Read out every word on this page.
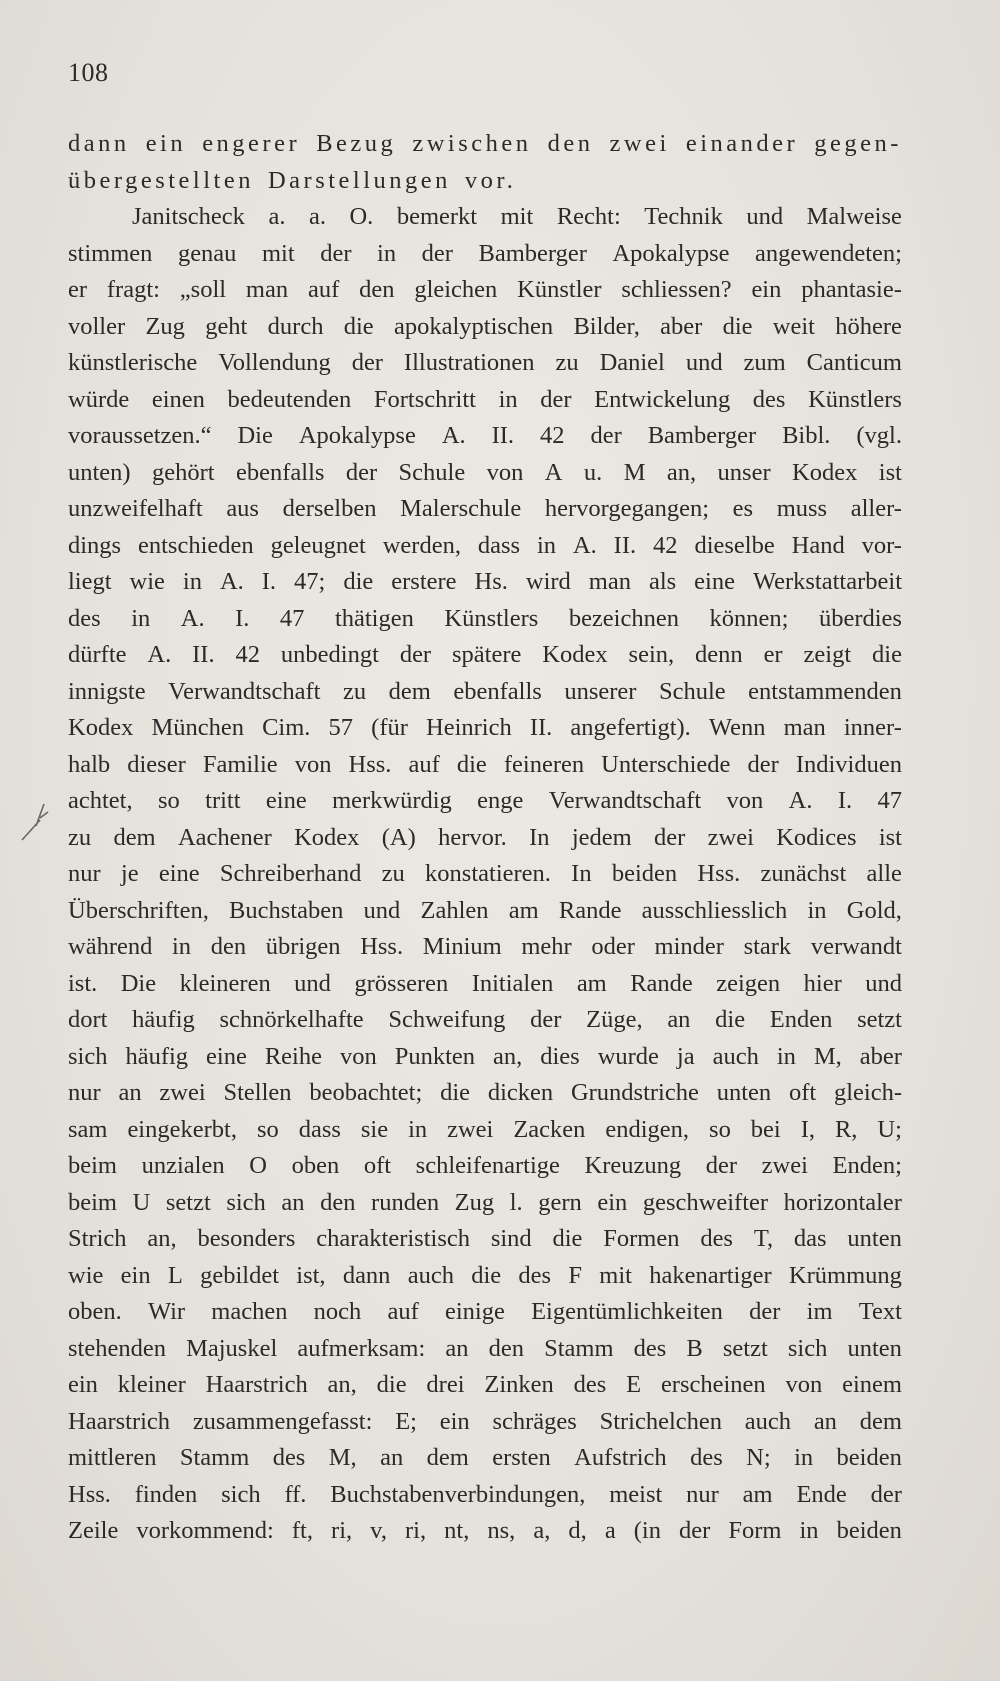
108
dann ein engerer Bezug zwischen den zwei einander gegen-
übergestellten Darstellungen vor.
Janitscheck a. a. O. bemerkt mit Recht: Technik und Malweise
stimmen genau mit der in der Bamberger Apokalypse angewendeten;
er fragt: „soll man auf den gleichen Künstler schliessen? ein phantasie-
voller Zug geht durch die apokalyptischen Bilder, aber die weit höhere
künstlerische Vollendung der Illustrationen zu Daniel und zum Canticum
würde einen bedeutenden Fortschritt in der Entwickelung des Künstlers
voraussetzen.“ Die Apokalypse A. II. 42 der Bamberger Bibl. (vgl.
unten) gehört ebenfalls der Schule von A u. M an, unser Kodex ist
unzweifelhaft aus derselben Malerschule hervorgegangen; es muss aller-
dings entschieden geleugnet werden, dass in A. II. 42 dieselbe Hand vor-
liegt wie in A. I. 47; die erstere Hs. wird man als eine Werkstattarbeit
des in A. I. 47 thätigen Künstlers bezeichnen können; überdies
dürfte A. II. 42 unbedingt der spätere Kodex sein, denn er zeigt die
innigste Verwandtschaft zu dem ebenfalls unserer Schule entstammenden
Kodex München Cim. 57 (für Heinrich II. angefertigt). Wenn man inner-
halb dieser Familie von Hss. auf die feineren Unterschiede der Individuen
achtet, so tritt eine merkwürdig enge Verwandtschaft von A. I. 47
zu dem Aachener Kodex (A) hervor. In jedem der zwei Kodices ist
nur je eine Schreiberhand zu konstatieren. In beiden Hss. zunächst alle
Überschriften, Buchstaben und Zahlen am Rande ausschliesslich in Gold,
während in den übrigen Hss. Minium mehr oder minder stark verwandt
ist. Die kleineren und grösseren Initialen am Rande zeigen hier und
dort häufig schnörkelhafte Schweifung der Züge, an die Enden setzt
sich häufig eine Reihe von Punkten an, dies wurde ja auch in M, aber
nur an zwei Stellen beobachtet; die dicken Grundstriche unten oft gleich-
sam eingekerbt, so dass sie in zwei Zacken endigen, so bei I, R, U;
beim unzialen O oben oft schleifenartige Kreuzung der zwei Enden;
beim U setzt sich an den runden Zug l. gern ein geschweifter horizontaler
Strich an, besonders charakteristisch sind die Formen des T, das unten
wie ein L gebildet ist, dann auch die des F mit hakenartiger Krümmung
oben. Wir machen noch auf einige Eigentümlichkeiten der im Text
stehenden Majuskel aufmerksam: an den Stamm des B setzt sich unten
ein kleiner Haarstrich an, die drei Zinken des E erscheinen von einem
Haarstrich zusammengefasst: E; ein schräges Strichelchen auch an dem
mittleren Stamm des M, an dem ersten Aufstrich des N; in beiden
Hss. finden sich ff. Buchstabenverbindungen, meist nur am Ende der
Zeile vorkommend: ft, ri, v, ri, nt, ns, a, d, a (in der Form in beiden
